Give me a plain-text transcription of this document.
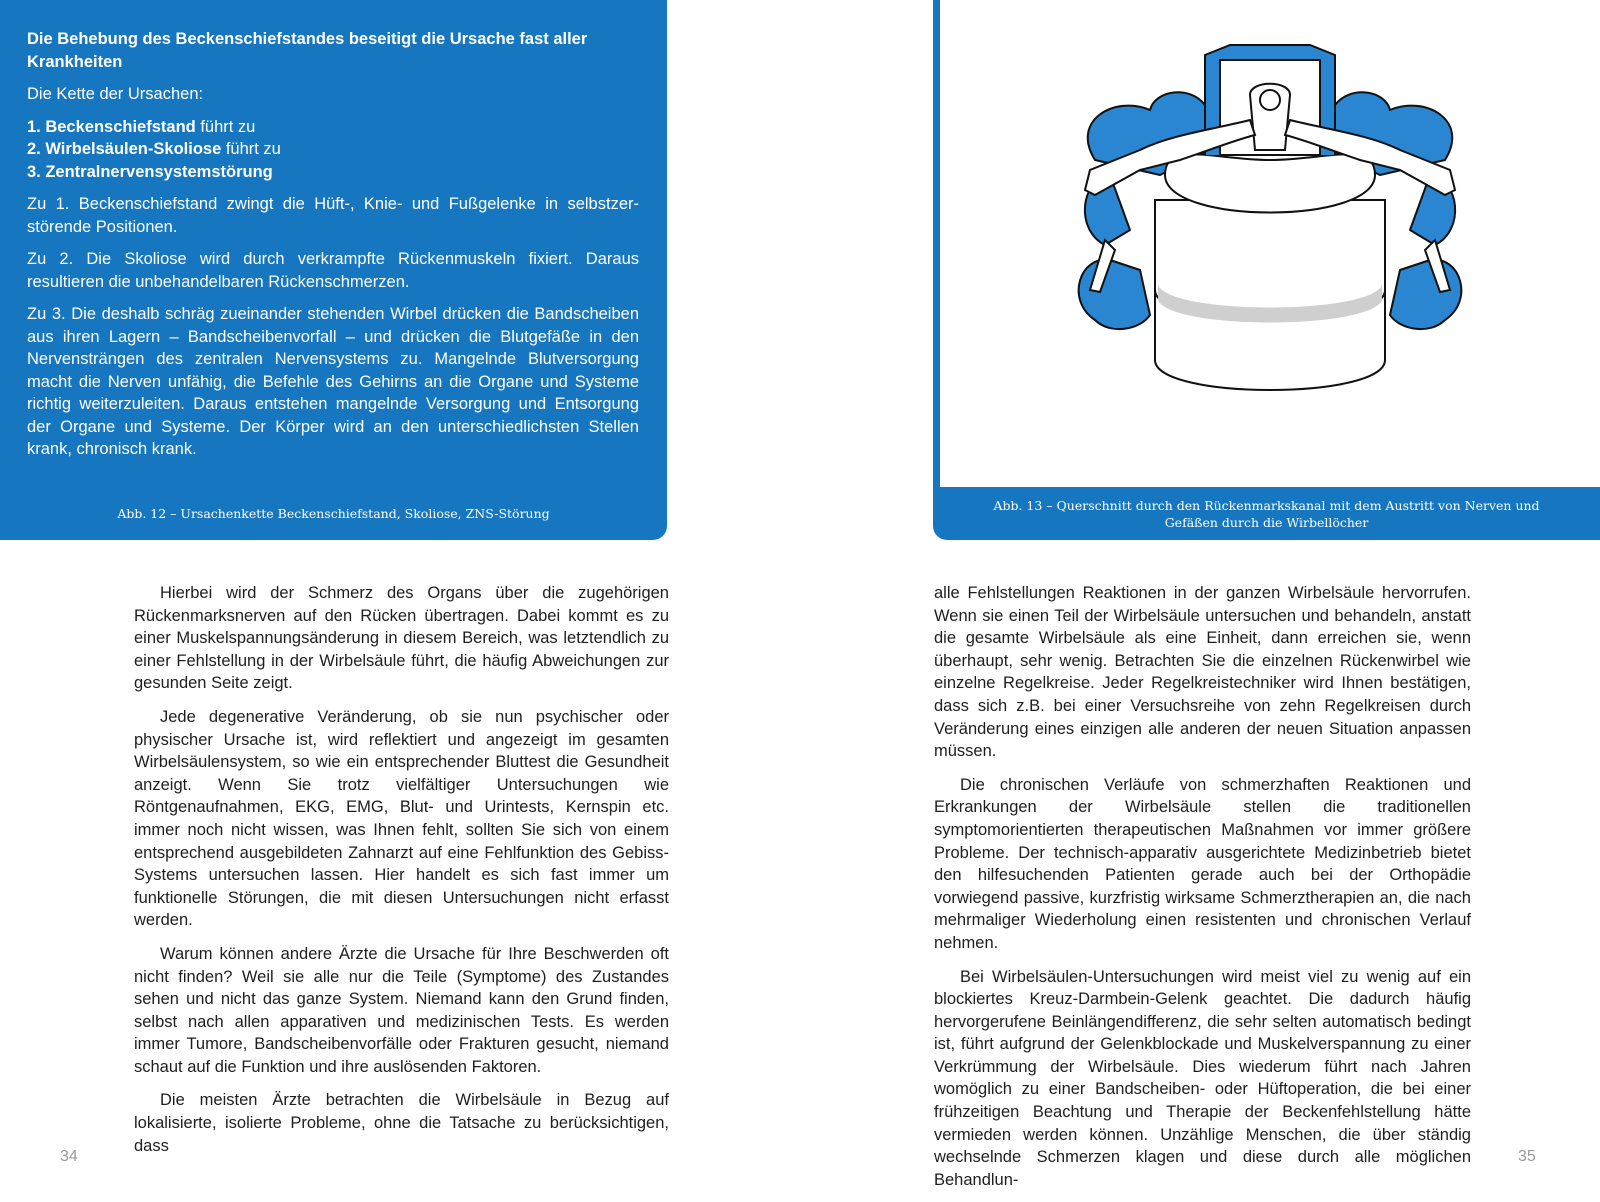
Die Behebung des Beckenschiefstandes beseitigt die Ursache fast aller Krankheiten

Die Kette der Ursachen:

1. Beckenschiefstand führt zu
2. Wirbelsäulen-Skoliose führt zu
3. Zentralnervensystemstörung

Zu 1. Beckenschiefstand zwingt die Hüft-, Knie- und Fußgelenke in selbstzerstörende Positionen.

Zu 2. Die Skoliose wird durch verkrampfte Rückenmuskeln fixiert. Daraus resultieren die unbehandelbaren Rückenschmerzen.

Zu 3. Die deshalb schräg zueinander stehenden Wirbel drücken die Bandscheiben aus ihren Lagern – Bandscheibenvorfall – und drücken die Blutgefäße in den Nervensträngen des zentralen Nervensystems zu. Mangelnde Blutversorgung macht die Nerven unfähig, die Befehle des Gehirns an die Organe und Systeme richtig weiterzuleiten. Daraus entstehen mangelnde Versorgung und Entsorgung der Organe und Systeme. Der Körper wird an den unterschiedlichsten Stellen krank, chronisch krank.

Abb. 12 – Ursachenkette Beckenschiefstand, Skoliose, ZNS-Störung
Abb. 13 – Querschnitt durch den Rückenmarkskanal mit dem Austritt von Nerven und
Gefäßen durch die Wirbellöcher

Hierbei wird der Schmerz des Organs über die zugehörigen Rückenmarksnerven auf den Rücken übertragen. Dabei kommt es zu einer Muskelspannungsänderung in diesem Bereich, was letztendlich zu einer Fehlstellung in der Wirbelsäule führt, die häufig Abweichungen zur gesunden Seite zeigt.

Jede degenerative Veränderung, ob sie nun psychischer oder physischer Ursache ist, wird reflektiert und angezeigt im gesamten Wirbelsäulensystem, so wie ein entsprechender Bluttest die Gesundheit anzeigt. Wenn Sie trotz vielfältiger Untersuchungen wie Röntgenaufnahmen, EKG, EMG, Blut- und Urintests, Kernspin etc. immer noch nicht wissen, was Ihnen fehlt, sollten Sie sich von einem entsprechend ausgebildeten Zahnarzt auf eine Fehlfunktion des Gebiss-Systems untersuchen lassen. Hier handelt es sich fast immer um funktionelle Störungen, die mit diesen Untersuchungen nicht erfasst werden.

Warum können andere Ärzte die Ursache für Ihre Beschwerden oft nicht finden? Weil sie alle nur die Teile (Symptome) des Zustandes sehen und nicht das ganze System. Niemand kann den Grund finden, selbst nach allen apparativen und medizinischen Tests. Es werden immer Tumore, Bandscheibenvorfälle oder Frakturen gesucht, niemand schaut auf die Funktion und ihre auslösenden Faktoren.

Die meisten Ärzte betrachten die Wirbelsäule in Bezug auf lokalisierte, isolierte Probleme, ohne die Tatsache zu berücksichtigen, dass

alle Fehlstellungen Reaktionen in der ganzen Wirbelsäule hervorrufen. Wenn sie einen Teil der Wirbelsäule untersuchen und behandeln, anstatt die gesamte Wirbelsäule als eine Einheit, dann erreichen sie, wenn überhaupt, sehr wenig. Betrachten Sie die einzelnen Rückenwirbel wie einzelne Regelkreise. Jeder Regelkreistechniker wird Ihnen bestätigen, dass sich z.B. bei einer Versuchsreihe von zehn Regelkreisen durch Veränderung eines einzigen alle anderen der neuen Situation anpassen müssen.

Die chronischen Verläufe von schmerzhaften Reaktionen und Erkrankungen der Wirbelsäule stellen die traditionellen symptomorientierten therapeutischen Maßnahmen vor immer größere Probleme. Der technisch-apparativ ausgerichtete Medizinbetrieb bietet den hilfesuchenden Patienten gerade auch bei der Orthopädie vorwiegend passive, kurzfristig wirksame Schmerztherapien an, die nach mehrmaliger Wiederholung einen resistenten und chronischen Verlauf nehmen.

Bei Wirbelsäulen-Untersuchungen wird meist viel zu wenig auf ein blockiertes Kreuz-Darmbein-Gelenk geachtet. Die dadurch häufig hervorgerufene Beinlängendifferenz, die sehr selten automatisch bedingt ist, führt aufgrund der Gelenkblockade und Muskelverspannung zu einer Verkrümmung der Wirbelsäule. Dies wiederum führt nach Jahren womöglich zu einer Bandscheiben- oder Hüftoperation, die bei einer frühzeitigen Beachtung und Therapie der Beckenfehlstellung hätte vermieden werden können. Unzählige Menschen, die über ständig wechselnde Schmerzen klagen und diese durch alle möglichen Behandlun-

34	35
